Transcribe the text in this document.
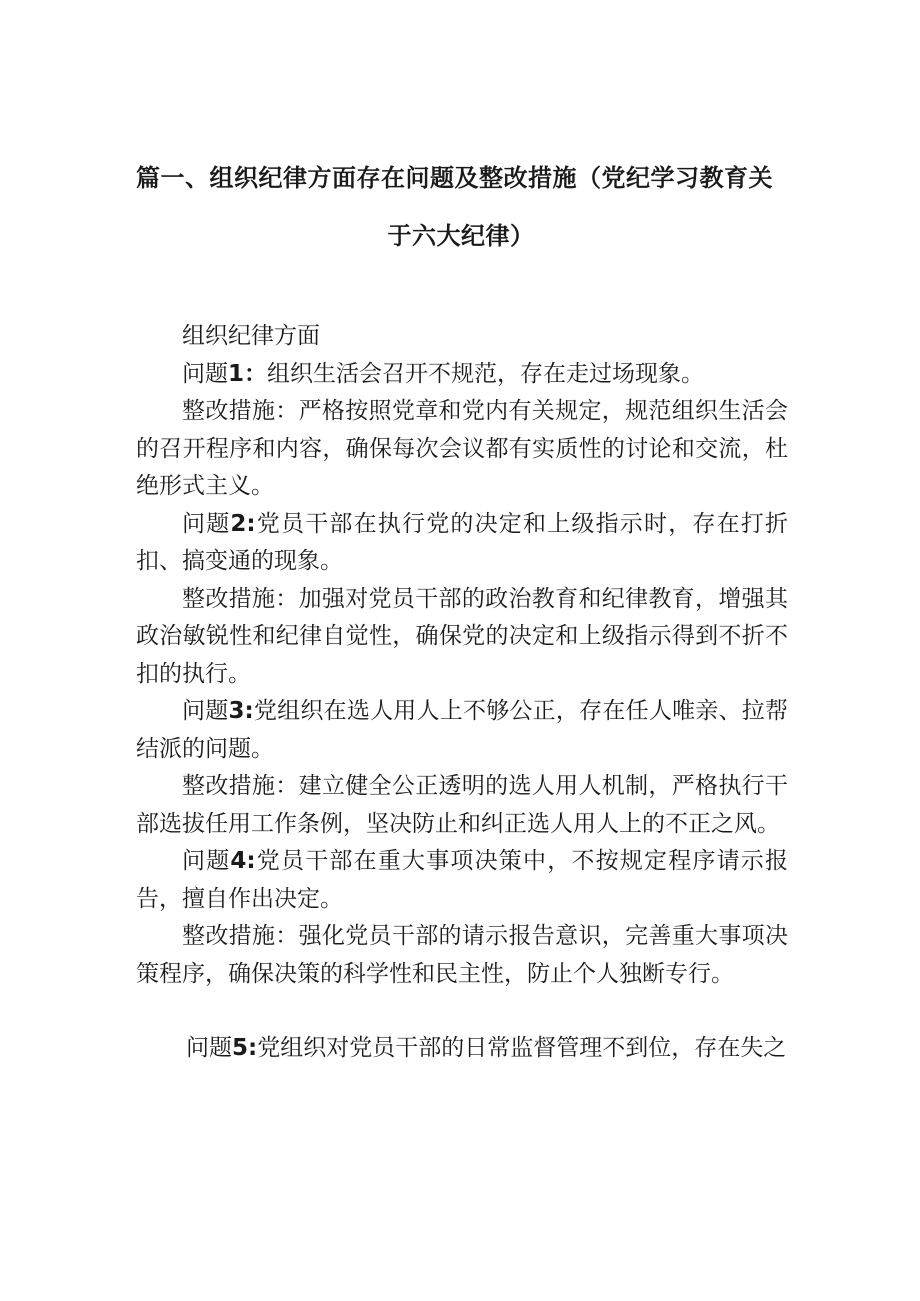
篇一、组织纪律方面存在问题及整改措施（党纪学习教育关
于六大纪律）

组织纪律方面

问题1：组织生活会召开不规范，存在走过场现象。

整改措施：严格按照党章和党内有关规定，规范组织生活会的召开程序和内容，确保每次会议都有实质性的讨论和交流，杜绝形式主义。

问题2:党员干部在执行党的决定和上级指示时，存在打折扣、搞变通的现象。

整改措施：加强对党员干部的政治教育和纪律教育，增强其政治敏锐性和纪律自觉性，确保党的决定和上级指示得到不折不扣的执行。

问题3:党组织在选人用人上不够公正，存在任人唯亲、拉帮结派的问题。

整改措施：建立健全公正透明的选人用人机制，严格执行干部选拔任用工作条例，坚决防止和纠正选人用人上的不正之风。

问题4:党员干部在重大事项决策中，不按规定程序请示报告，擅自作出决定。

整改措施：强化党员干部的请示报告意识，完善重大事项决策程序，确保决策的科学性和民主性，防止个人独断专行。

问题5:党组织对党员干部的日常监督管理不到位，存在失之
